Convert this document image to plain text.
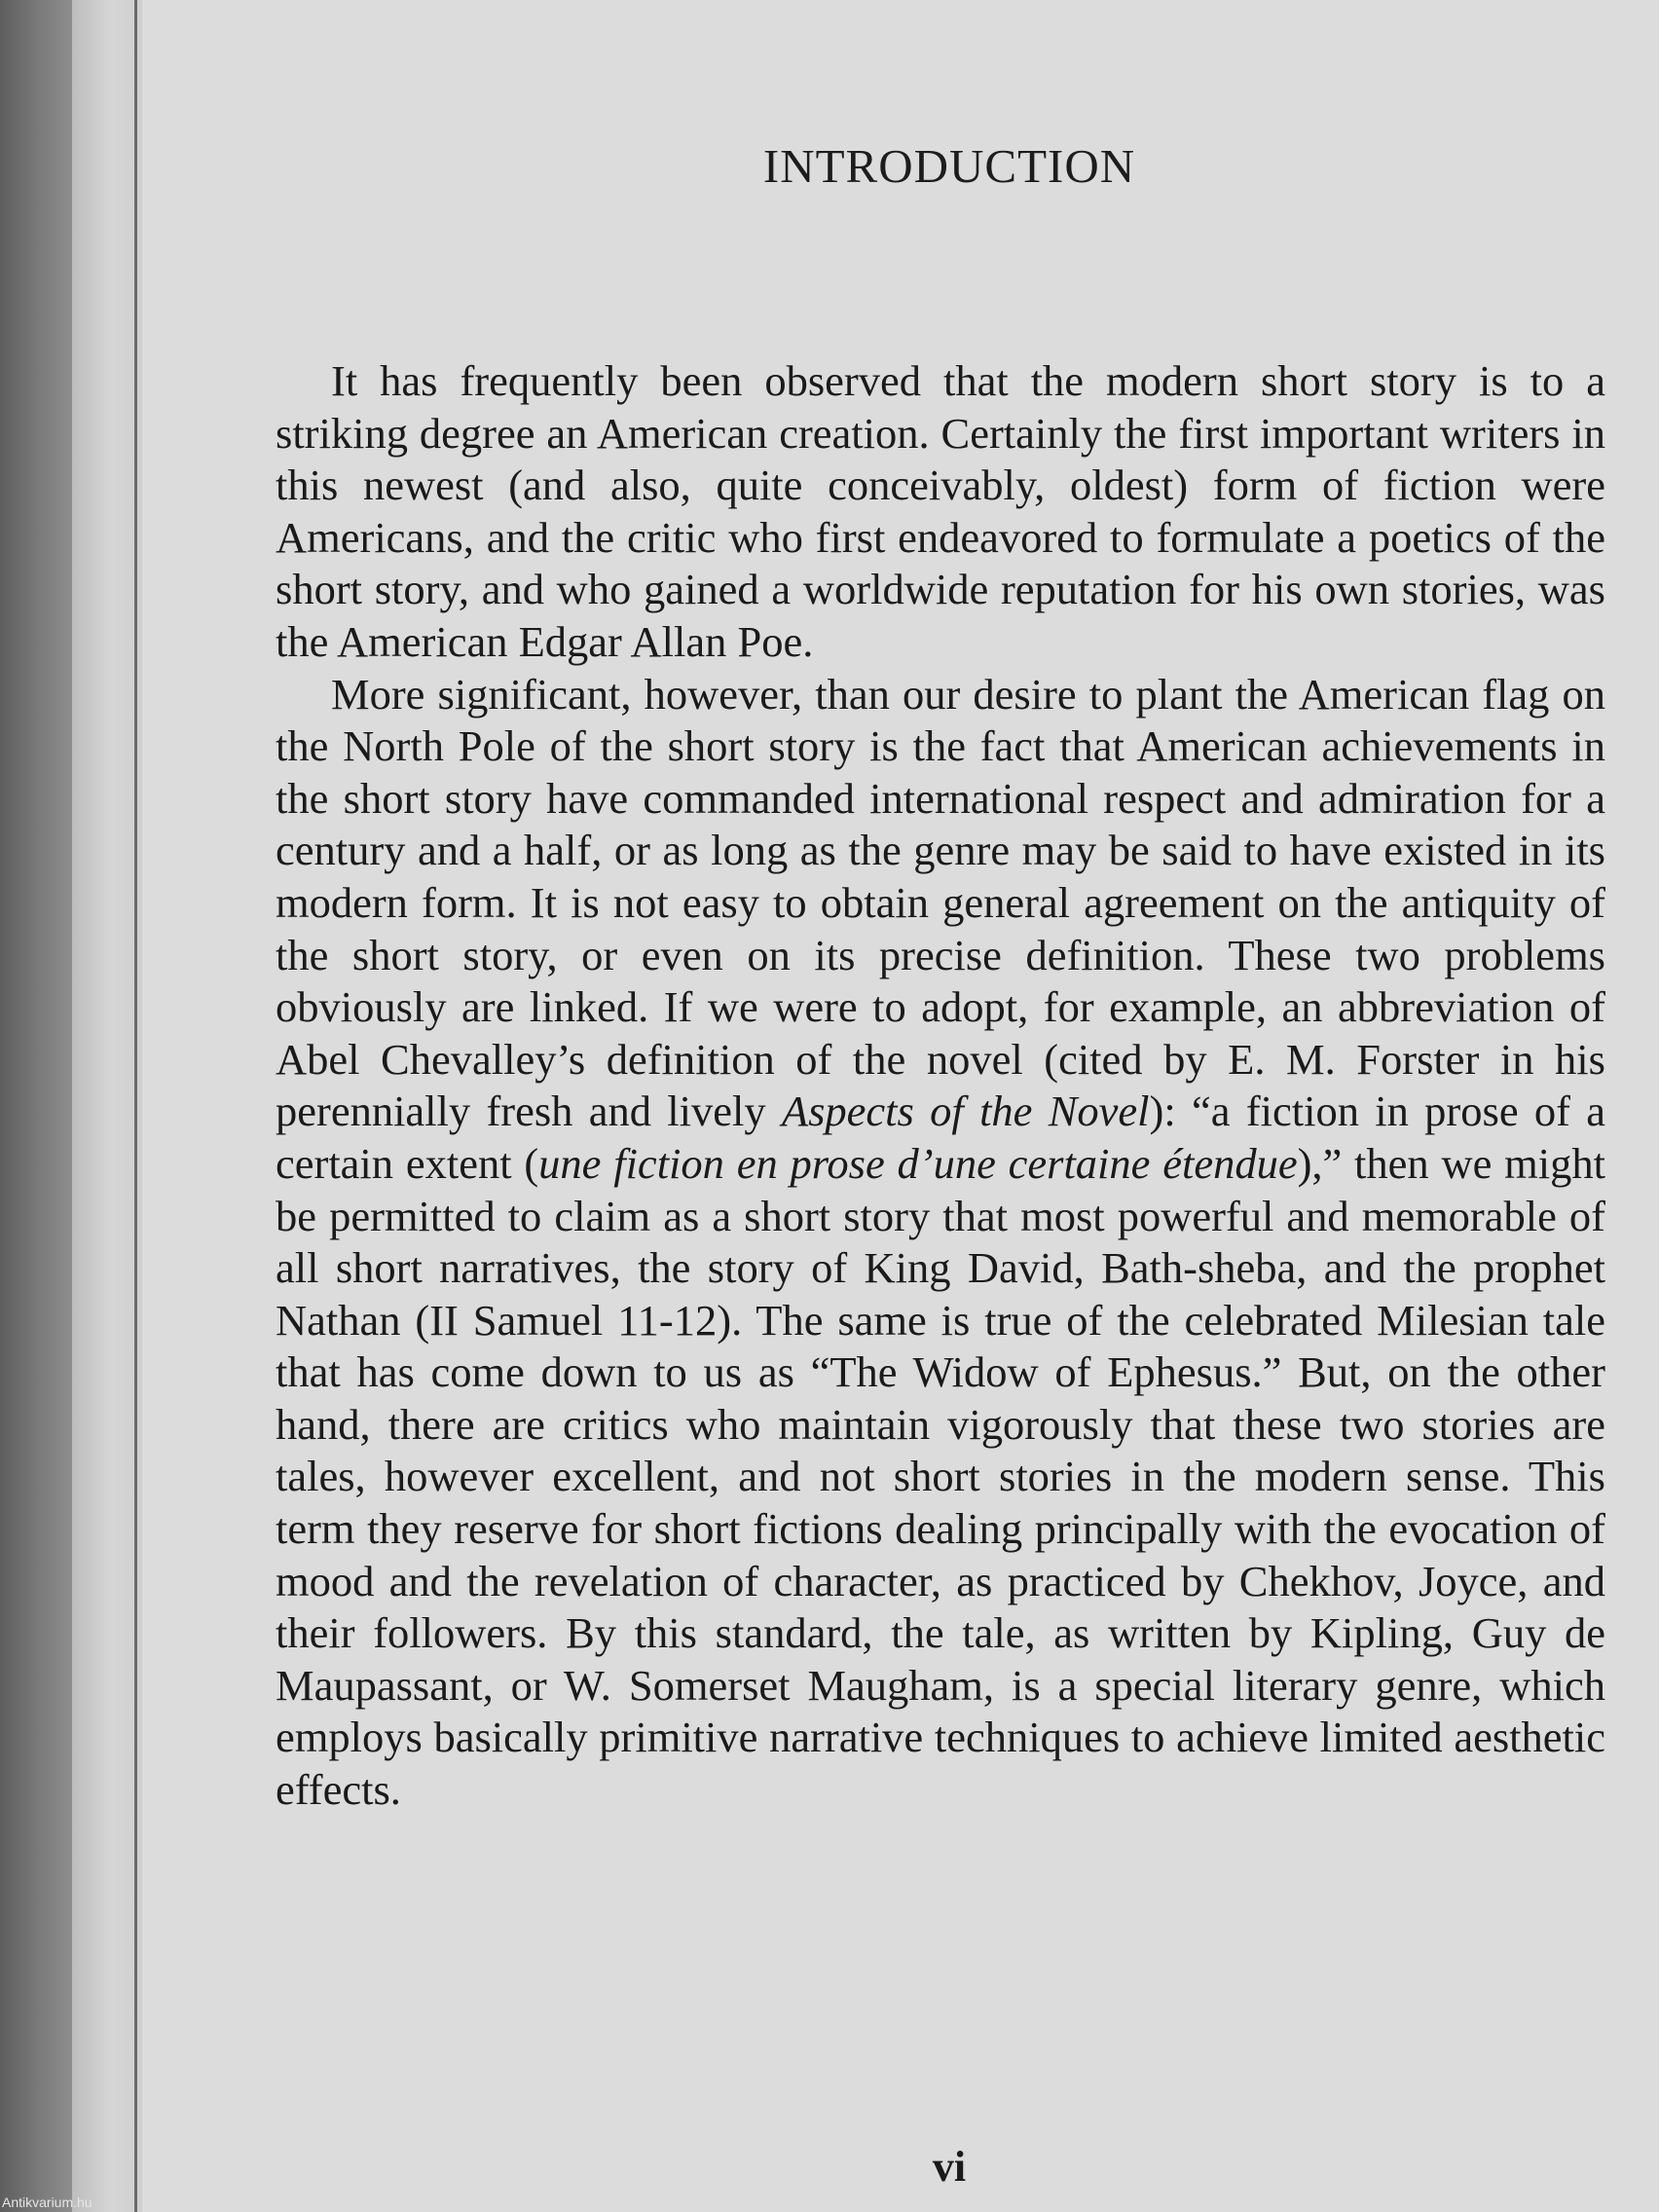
INTRODUCTION

It has frequently been observed that the modern short story is to a striking degree an American creation. Certainly the first important writers in this newest (and also, quite conceivably, oldest) form of fiction were Americans, and the critic who first endeavored to formulate a poetics of the short story, and who gained a worldwide reputation for his own stories, was the American Edgar Allan Poe.

More significant, however, than our desire to plant the American flag on the North Pole of the short story is the fact that American achievements in the short story have commanded international respect and admiration for a century and a half, or as long as the genre may be said to have existed in its modern form. It is not easy to obtain general agreement on the antiquity of the short story, or even on its precise definition. These two problems obviously are linked. If we were to adopt, for example, an abbreviation of Abel Chevalley’s definition of the novel (cited by E. M. Forster in his perennially fresh and lively Aspects of the Novel): “a fiction in prose of a certain extent (une fiction en prose d’une certaine étendue),” then we might be permitted to claim as a short story that most powerful and memorable of all short narratives, the story of King David, Bath-sheba, and the prophet Nathan (II Samuel 11-12). The same is true of the celebrated Milesian tale that has come down to us as “The Widow of Ephesus.” But, on the other hand, there are critics who maintain vigorously that these two stories are tales, however excellent, and not short stories in the modern sense. This term they reserve for short fictions dealing principally with the evocation of mood and the revelation of character, as practiced by Chekhov, Joyce, and their followers. By this standard, the tale, as written by Kipling, Guy de Maupassant, or W. Somerset Maugham, is a special literary genre, which employs basically primitive narrative techniques to achieve limited aesthetic effects.

vi
Antikvarium.hu
